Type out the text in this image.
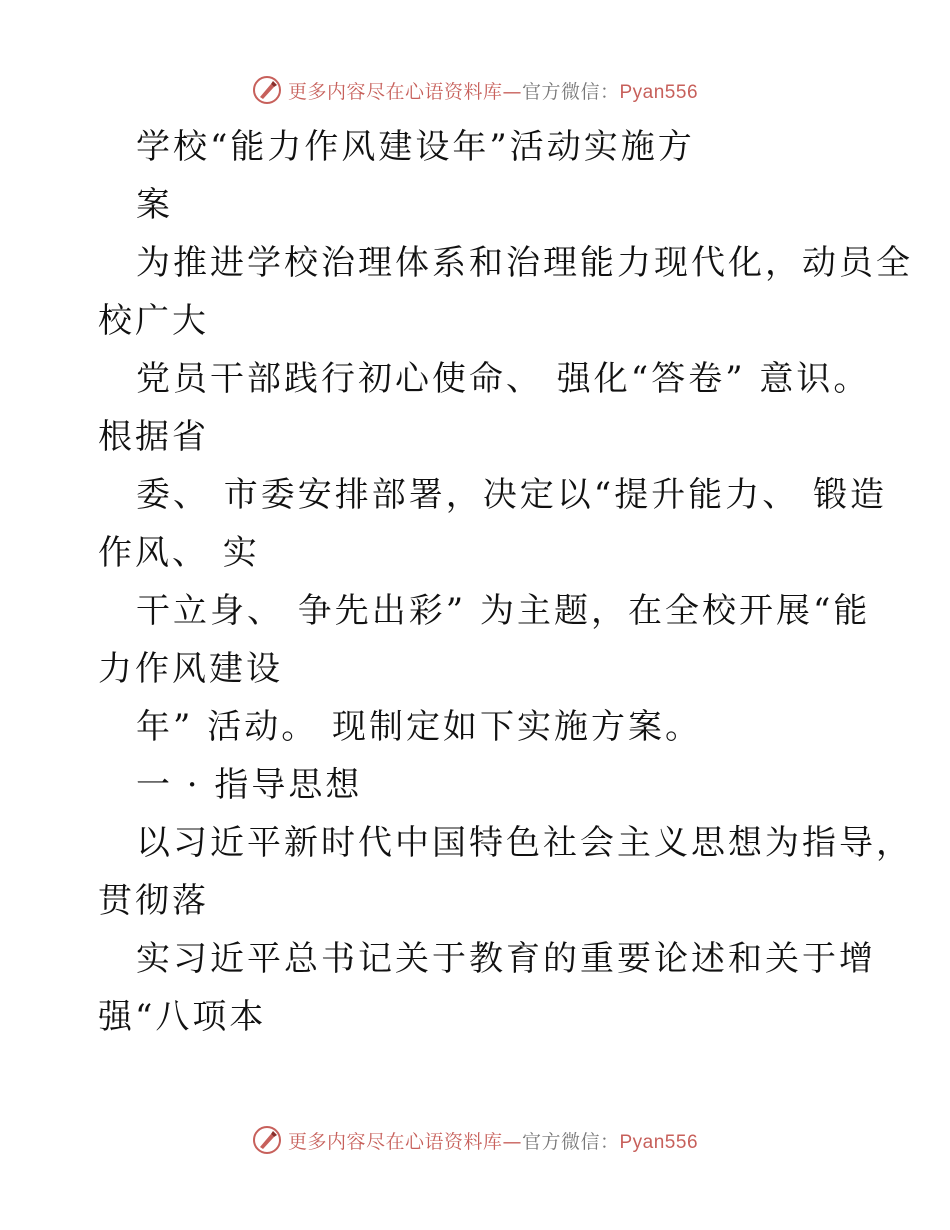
更多内容尽在心语资料库—官方微信：Pyan556
学校“能力作风建设年”活动实施方
案
为推进学校治理体系和治理能力现代化，动员全
校广大
党员干部践行初心使命、 强化“答卷” 意识。
根据省
委、 市委安排部署，决定以“提升能力、 锻造
作风、 实
干立身、 争先出彩” 为主题，在全校开展“能
力作风建设
年” 活动。 现制定如下实施方案。
一 · 指导思想
以习近平新时代中国特色社会主义思想为指导，
贯彻落
实习近平总书记关于教育的重要论述和关于增
强“八项本
更多内容尽在心语资料库—官方微信：Pyan556
